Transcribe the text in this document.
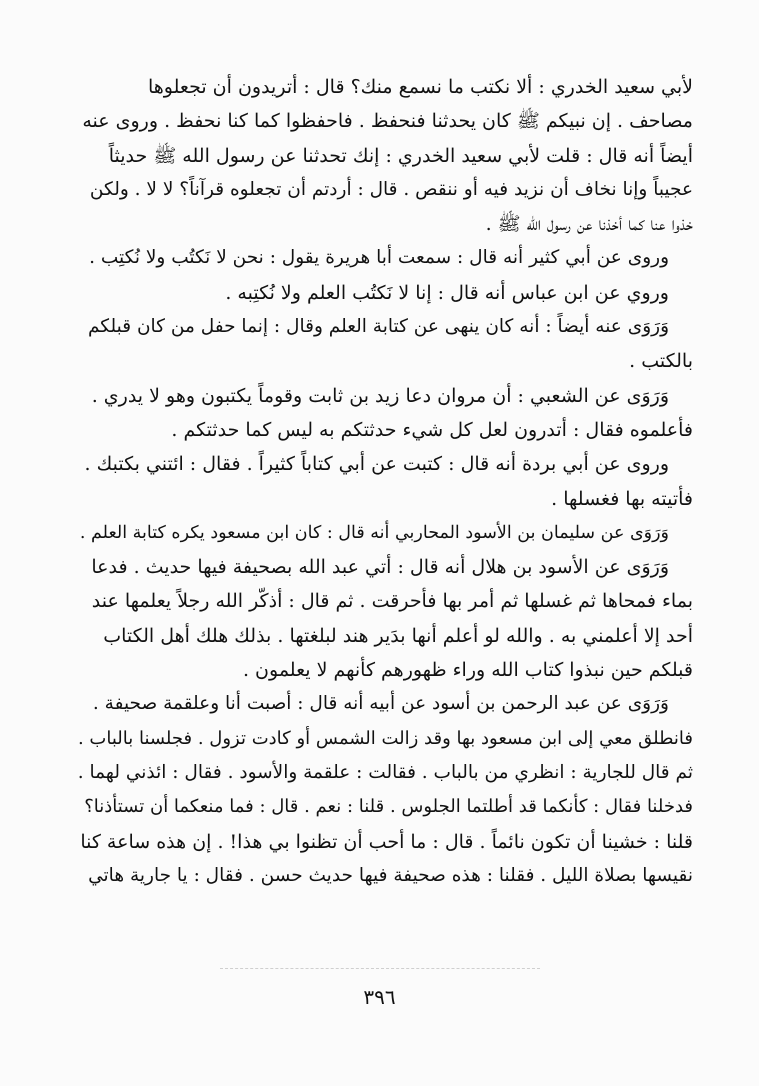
لأبي سعيد الخدري : ألا نكتب ما نسمع منك؟ قال : أتريدون أن تجعلوها
مصاحف . إن نبيكم ﷺ كان يحدثنا فنحفظ . فاحفظوا كما كنا نحفظ . وروى عنه
أيضاً أنه قال : قلت لأبي سعيد الخدري : إنك تحدثنا عن رسول الله ﷺ حديثاً
عجيباً وإنا نخاف أن نزيد فيه أو ننقص . قال : أردتم أن تجعلوه قرآناً؟ لا لا . ولكن
خذوا عنا كما أخذنا عن رسول الله ﷺ .
وروى عن أبي كثير أنه قال : سمعت أبا هريرة يقول : نحن لا نَكتُب ولا نُكتِب .
وروي عن ابن عباس أنه قال : إنا لا نَكتُب العلم ولا نُكتِبه .
وَرَوَى عنه أيضاً : أنه كان ينهى عن كتابة العلم وقال : إنما حفل من كان قبلكم
بالكتب .
وَرَوَى عن الشعبي : أن مروان دعا زيد بن ثابت وقوماً يكتبون وهو لا يدري .
فأعلموه فقال : أتدرون لعل كل شيء حدثتكم به ليس كما حدثتكم .
وروى عن أبي بردة أنه قال : كتبت عن أبي كتاباً كثيراً . فقال : ائتني بكتبك .
فأتيته بها فغسلها .
وَرَوَى عن سليمان بن الأسود المحاربي أنه قال : كان ابن مسعود يكره كتابة العلم .
وَرَوَى عن الأسود بن هلال أنه قال : أتي عبد الله بصحيفة فيها حديث . فدعا
بماء فمحاها ثم غسلها ثم أمر بها فأحرقت . ثم قال : أذكّر الله رجلاً يعلمها عند
أحد إلا أعلمني به . والله لو أعلم أنها بدَير هند لبلغتها . بذلك هلك أهل الكتاب
قبلكم حين نبذوا كتاب الله وراء ظهورهم كأنهم لا يعلمون .
وَرَوَى عن عبد الرحمن بن أسود عن أبيه أنه قال : أصبت أنا وعلقمة صحيفة .
فانطلق معي إلى ابن مسعود بها وقد زالت الشمس أو كادت تزول . فجلسنا بالباب .
ثم قال للجارية : انظري من بالباب . فقالت : علقمة والأسود . فقال : ائذني لهما .
فدخلنا فقال : كأنكما قد أطلتما الجلوس . قلنا : نعم . قال : فما منعكما أن تستأذنا؟
قلنا : خشينا أن تكون نائماً . قال : ما أحب أن تظنوا بي هذا! . إن هذه ساعة كنا
نقيسها بصلاة الليل . فقلنا : هذه صحيفة فيها حديث حسن . فقال : يا جارية هاتي
٣٩٦
